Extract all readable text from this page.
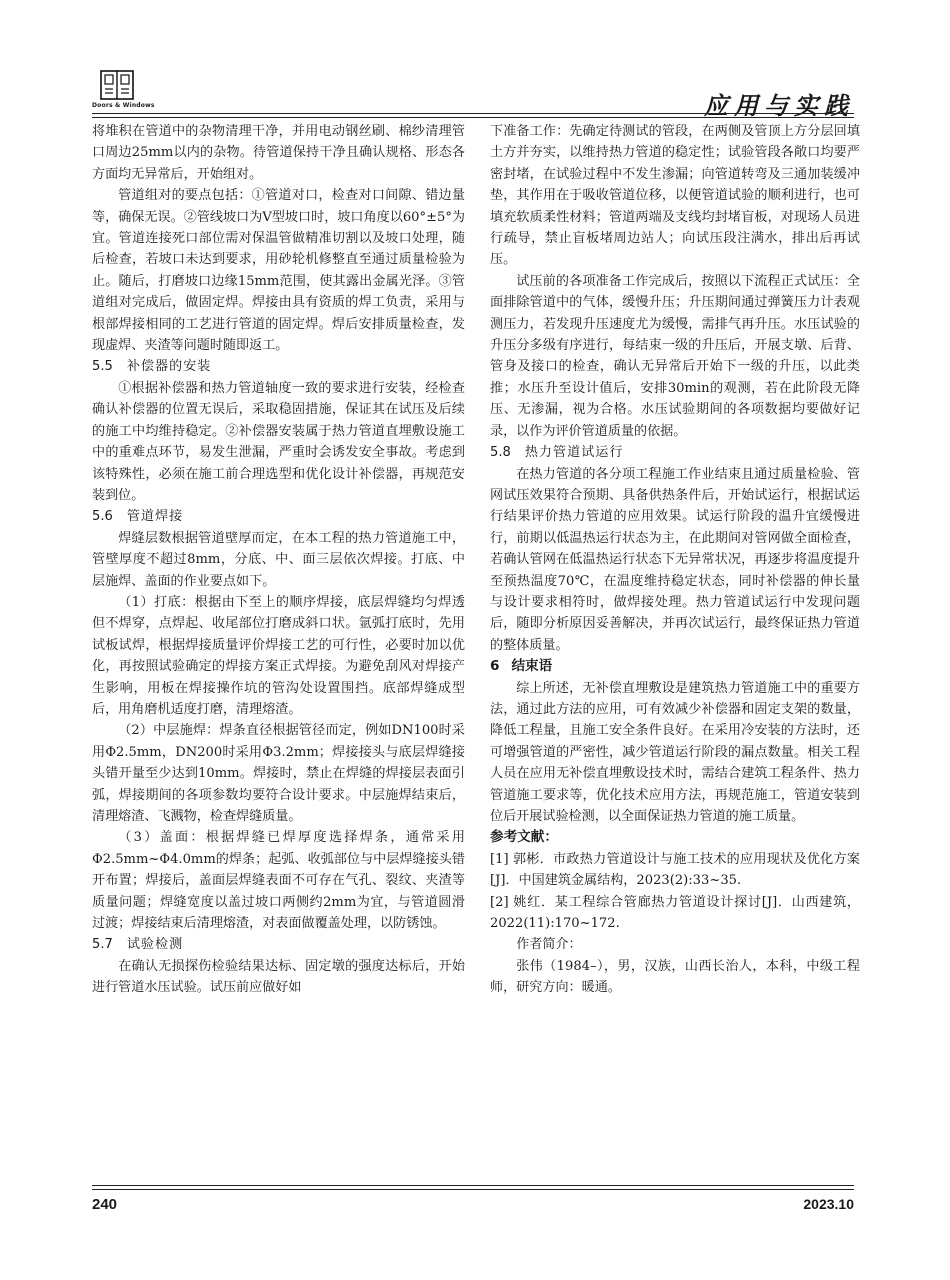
Doors & Windows	应用与实践

将堆积在管道中的杂物清理干净，并用电动钢丝刷、棉纱清理管口周边25mm以内的杂物。待管道保持干净且确认规格、形态各方面均无异常后，开始组对。

管道组对的要点包括：①管道对口，检查对口间隙、错边量等，确保无误。②管线坡口为V型坡口时，坡口角度以60°±5°为宜。管道连接死口部位需对保温管做精准切割以及坡口处理，随后检查，若坡口未达到要求，用砂轮机修整直至通过质量检验为止。随后，打磨坡口边缘15mm范围，使其露出金属光泽。③管道组对完成后，做固定焊。焊接由具有资质的焊工负责，采用与根部焊接相同的工艺进行管道的固定焊。焊后安排质量检查，发现虚焊、夹渣等问题时随即返工。

5.5 补偿器的安装

①根据补偿器和热力管道轴度一致的要求进行安装，经检查确认补偿器的位置无误后，采取稳固措施，保证其在试压及后续的施工中均维持稳定。②补偿器安装属于热力管道直埋敷设施工中的重难点环节，易发生泄漏，严重时会诱发安全事故。考虑到该特殊性，必须在施工前合理选型和优化设计补偿器，再规范安装到位。

5.6 管道焊接

焊缝层数根据管道壁厚而定，在本工程的热力管道施工中，管壁厚度不超过8mm，分底、中、面三层依次焊接。打底、中层施焊、盖面的作业要点如下。

（1）打底：根据由下至上的顺序焊接，底层焊缝均匀焊透但不焊穿，点焊起、收尾部位打磨成斜口状。氩弧打底时，先用试板试焊，根据焊接质量评价焊接工艺的可行性，必要时加以优化，再按照试验确定的焊接方案正式焊接。为避免刮风对焊接产生影响，用板在焊接操作坑的管沟处设置围挡。底部焊缝成型后，用角磨机适度打磨，清理熔渣。

（2）中层施焊：焊条直径根据管径而定，例如DN100时采用Φ2.5mm，DN200时采用Φ3.2mm；焊接接头与底层焊缝接头错开量至少达到10mm。焊接时，禁止在焊缝的焊接层表面引弧，焊接期间的各项参数均要符合设计要求。中层施焊结束后，清理熔渣、飞溅物，检查焊缝质量。

（3）盖面：根据焊缝已焊厚度选择焊条，通常采用Φ2.5mm~Φ4.0mm的焊条；起弧、收弧部位与中层焊缝接头错开布置；焊接后，盖面层焊缝表面不可存在气孔、裂纹、夹渣等质量问题；焊缝宽度以盖过坡口两侧约2mm为宜，与管道圆滑过渡；焊接结束后清理熔渣，对表面做覆盖处理，以防锈蚀。

5.7 试验检测

在确认无损探伤检验结果达标、固定墩的强度达标后，开始进行管道水压试验。试压前应做好如

下准备工作：先确定待测试的管段，在两侧及管顶上方分层回填土方并夯实，以维持热力管道的稳定性；试验管段各敞口均要严密封堵，在试验过程中不发生渗漏；向管道转弯及三通加装缓冲垫，其作用在于吸收管道位移，以便管道试验的顺利进行，也可填充软质柔性材料；管道两端及支线均封堵盲板，对现场人员进行疏导，禁止盲板堵周边站人；向试压段注满水，排出后再试压。

试压前的各项准备工作完成后，按照以下流程正式试压：全面排除管道中的气体，缓慢升压；升压期间通过弹簧压力计表观测压力，若发现升压速度尤为缓慢，需排气再升压。水压试验的升压分多级有序进行，每结束一级的升压后，开展支墩、后背、管身及接口的检查，确认无异常后开始下一级的升压，以此类推；水压升至设计值后，安排30min的观测，若在此阶段无降压、无渗漏，视为合格。水压试验期间的各项数据均要做好记录，以作为评价管道质量的依据。

5.8 热力管道试运行

在热力管道的各分项工程施工作业结束且通过质量检验、管网试压效果符合预期、具备供热条件后，开始试运行，根据试运行结果评价热力管道的应用效果。试运行阶段的温升宜缓慢进行，前期以低温热运行状态为主，在此期间对管网做全面检查，若确认管网在低温热运行状态下无异常状况，再逐步将温度提升至预热温度70℃，在温度维持稳定状态，同时补偿器的伸长量与设计要求相符时，做焊接处理。热力管道试运行中发现问题后，随即分析原因妥善解决，并再次试运行，最终保证热力管道的整体质量。

6 结束语

综上所述，无补偿直埋敷设是建筑热力管道施工中的重要方法，通过此方法的应用，可有效减少补偿器和固定支架的数量，降低工程量，且施工安全条件良好。在采用冷安装的方法时，还可增强管道的严密性，减少管道运行阶段的漏点数量。相关工程人员在应用无补偿直埋敷设技术时，需结合建筑工程条件、热力管道施工要求等，优化技术应用方法，再规范施工，管道安装到位后开展试验检测，以全面保证热力管道的施工质量。

参考文献：

[1] 郭彬．市政热力管道设计与施工技术的应用现状及优化方案[J]．中国建筑金属结构，2023(2):33~35.

[2] 姚红．某工程综合管廊热力管道设计探讨[J]．山西建筑，2022(11):170~172.

作者简介：

张伟（1984–），男，汉族，山西长治人，本科，中级工程师，研究方向：暖通。

240	2023.10
